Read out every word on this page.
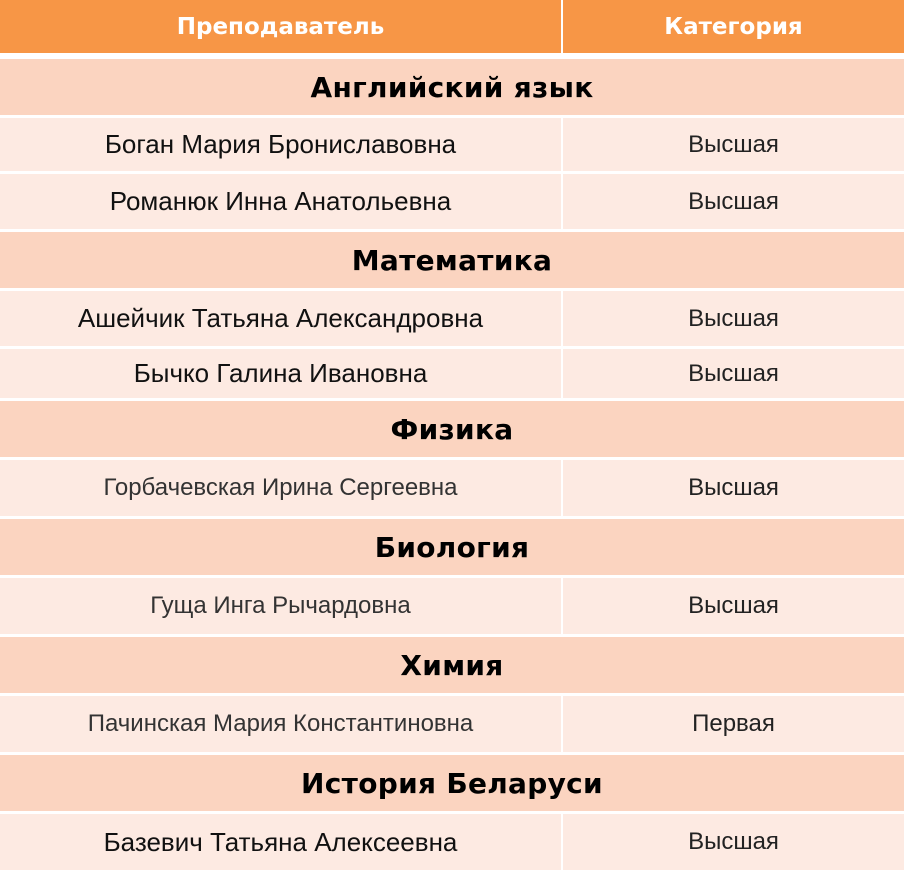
Преподаватель	Категория
Английский язык
Боган Мария Брониславовна	Высшая
Романюк Инна Анатольевна	Высшая
Математика
Ашейчик Татьяна Александровна	Высшая
Бычко Галина Ивановна	Высшая
Физика
Горбачевская Ирина Сергеевна	Высшая
Биология
Гуща Инга Рычардовна	Высшая
Химия
Пачинская Мария Константиновна	Первая
История Беларуси
Базевич Татьяна Алексеевна	Высшая
